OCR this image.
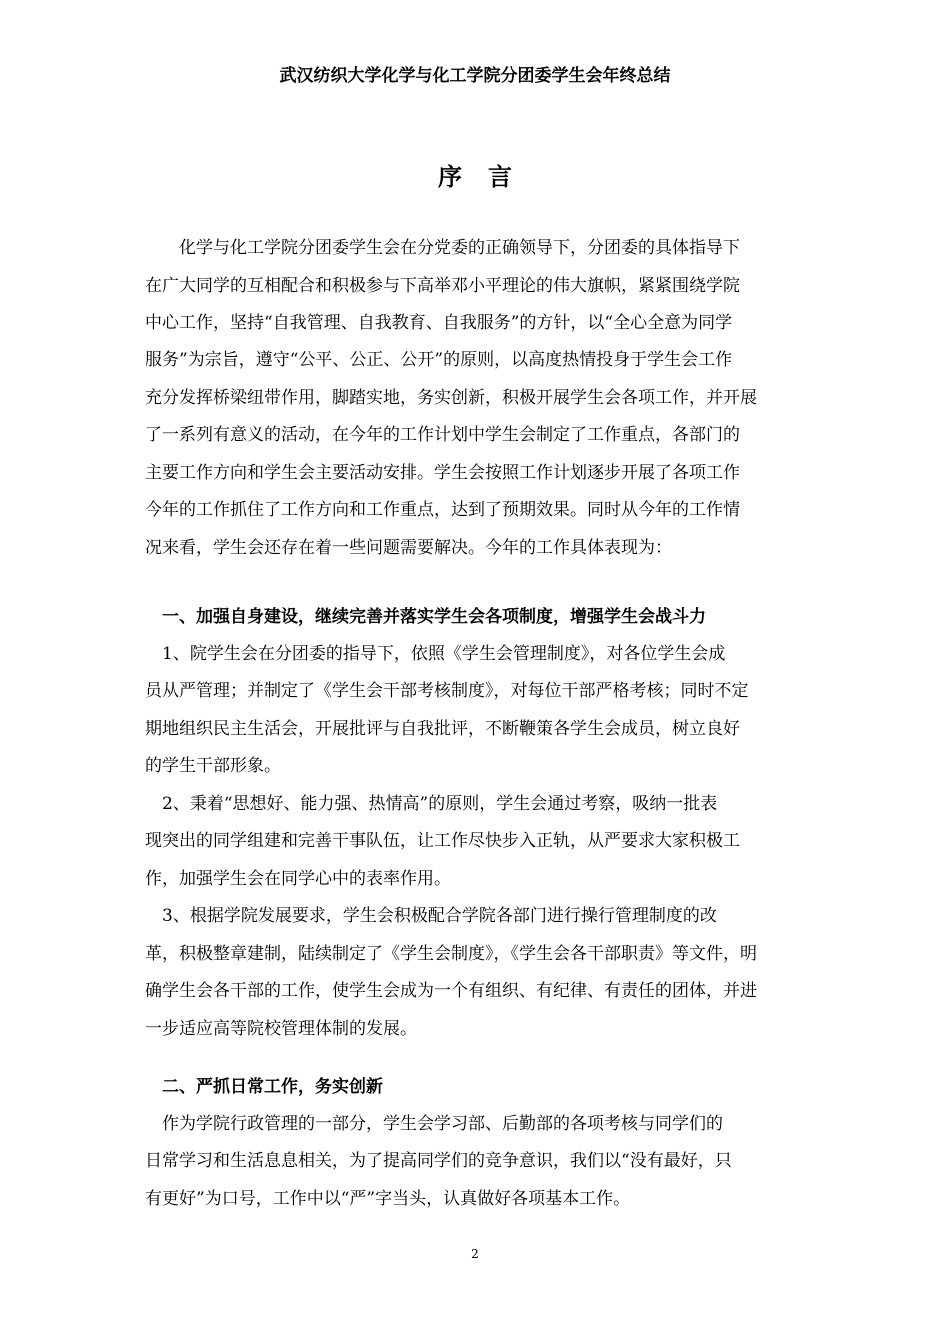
武汉纺织大学化学与化工学院分团委学生会年终总结
序言
　　化学与化工学院分团委学生会在分党委的正确领导下，分团委的具体指导下
在广大同学的互相配合和积极参与下高举邓小平理论的伟大旗帜，紧紧围绕学院
中心工作，坚持“自我管理、自我教育、自我服务”的方针，以“全心全意为同学
服务”为宗旨，遵守“公平、公正、公开”的原则，以高度热情投身于学生会工作
充分发挥桥梁纽带作用，脚踏实地，务实创新，积极开展学生会各项工作，并开展
了一系列有意义的活动，在今年的工作计划中学生会制定了工作重点，各部门的
主要工作方向和学生会主要活动安排。学生会按照工作计划逐步开展了各项工作
今年的工作抓住了工作方向和工作重点，达到了预期效果。同时从今年的工作情
况来看，学生会还存在着一些问题需要解决。今年的工作具体表现为：
　一、加强自身建设，继续完善并落实学生会各项制度，增强学生会战斗力
　1、院学生会在分团委的指导下，依照《学生会管理制度》，对各位学生会成
员从严管理；并制定了《学生会干部考核制度》，对每位干部严格考核；同时不定
期地组织民主生活会，开展批评与自我批评，不断鞭策各学生会成员，树立良好
的学生干部形象。
　2、秉着“思想好、能力强、热情高”的原则，学生会通过考察，吸纳一批表
现突出的同学组建和完善干事队伍，让工作尽快步入正轨，从严要求大家积极工
作，加强学生会在同学心中的表率作用。
　3、根据学院发展要求，学生会积极配合学院各部门进行操行管理制度的改
革，积极整章建制，陆续制定了《学生会制度》，《学生会各干部职责》等文件，明
确学生会各干部的工作，使学生会成为一个有组织、有纪律、有责任的团体，并进
一步适应高等院校管理体制的发展。
　二、严抓日常工作，务实创新
　作为学院行政管理的一部分，学生会学习部、后勤部的各项考核与同学们的
日常学习和生活息息相关，为了提高同学们的竞争意识，我们以“没有最好，只
有更好”为口号，工作中以“严”字当头，认真做好各项基本工作。
2
